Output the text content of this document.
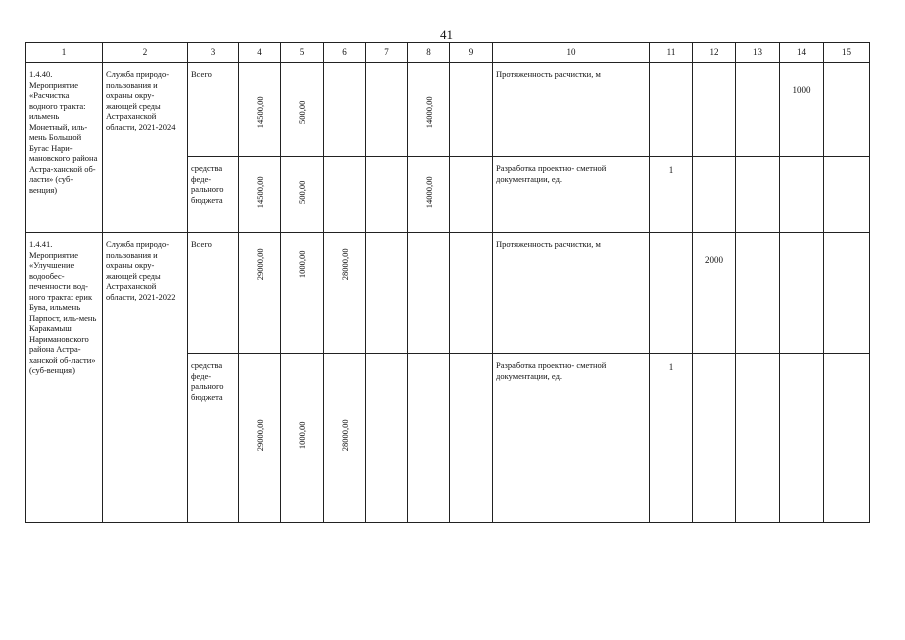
41
1	2	3	4	5	6	7	8	9	10	11	12	13	14	15

1.4.40. Мероприятие «Расчистка водного тракта: ильмень Монетный, иль-мень Большой Бугас Нари-мановского района Астра-ханской об-ласти» (суб-венция)	Служба природо-пользования и охраны окру-жающей среды Астраханской области, 2021-2024	Всего	14500,00	500,00			14000,00		Протяженность расчистки, м				1000	

		средства феде-рального бюджета	14500,00	500,00			14000,00		Разработка проектно- сметной документации, ед.	1				

1.4.41. Мероприятие «Улучшение водообес-печенности вод-ного тракта: ерик Бува, ильмень Парпост, иль-мень Каракамыш Наримановского района Астра-ханской об-ласти» (суб-венция)	Служба природо-пользования и охраны окру-жающей среды Астраханской области, 2021-2022	Всего	29000,00	1000,00	28000,00				Протяженность расчистки, м		2000			

		средства феде-рального бюджета	29000,00	1000,00	28000,00				Разработка проектно- сметной документации, ед.	1				
